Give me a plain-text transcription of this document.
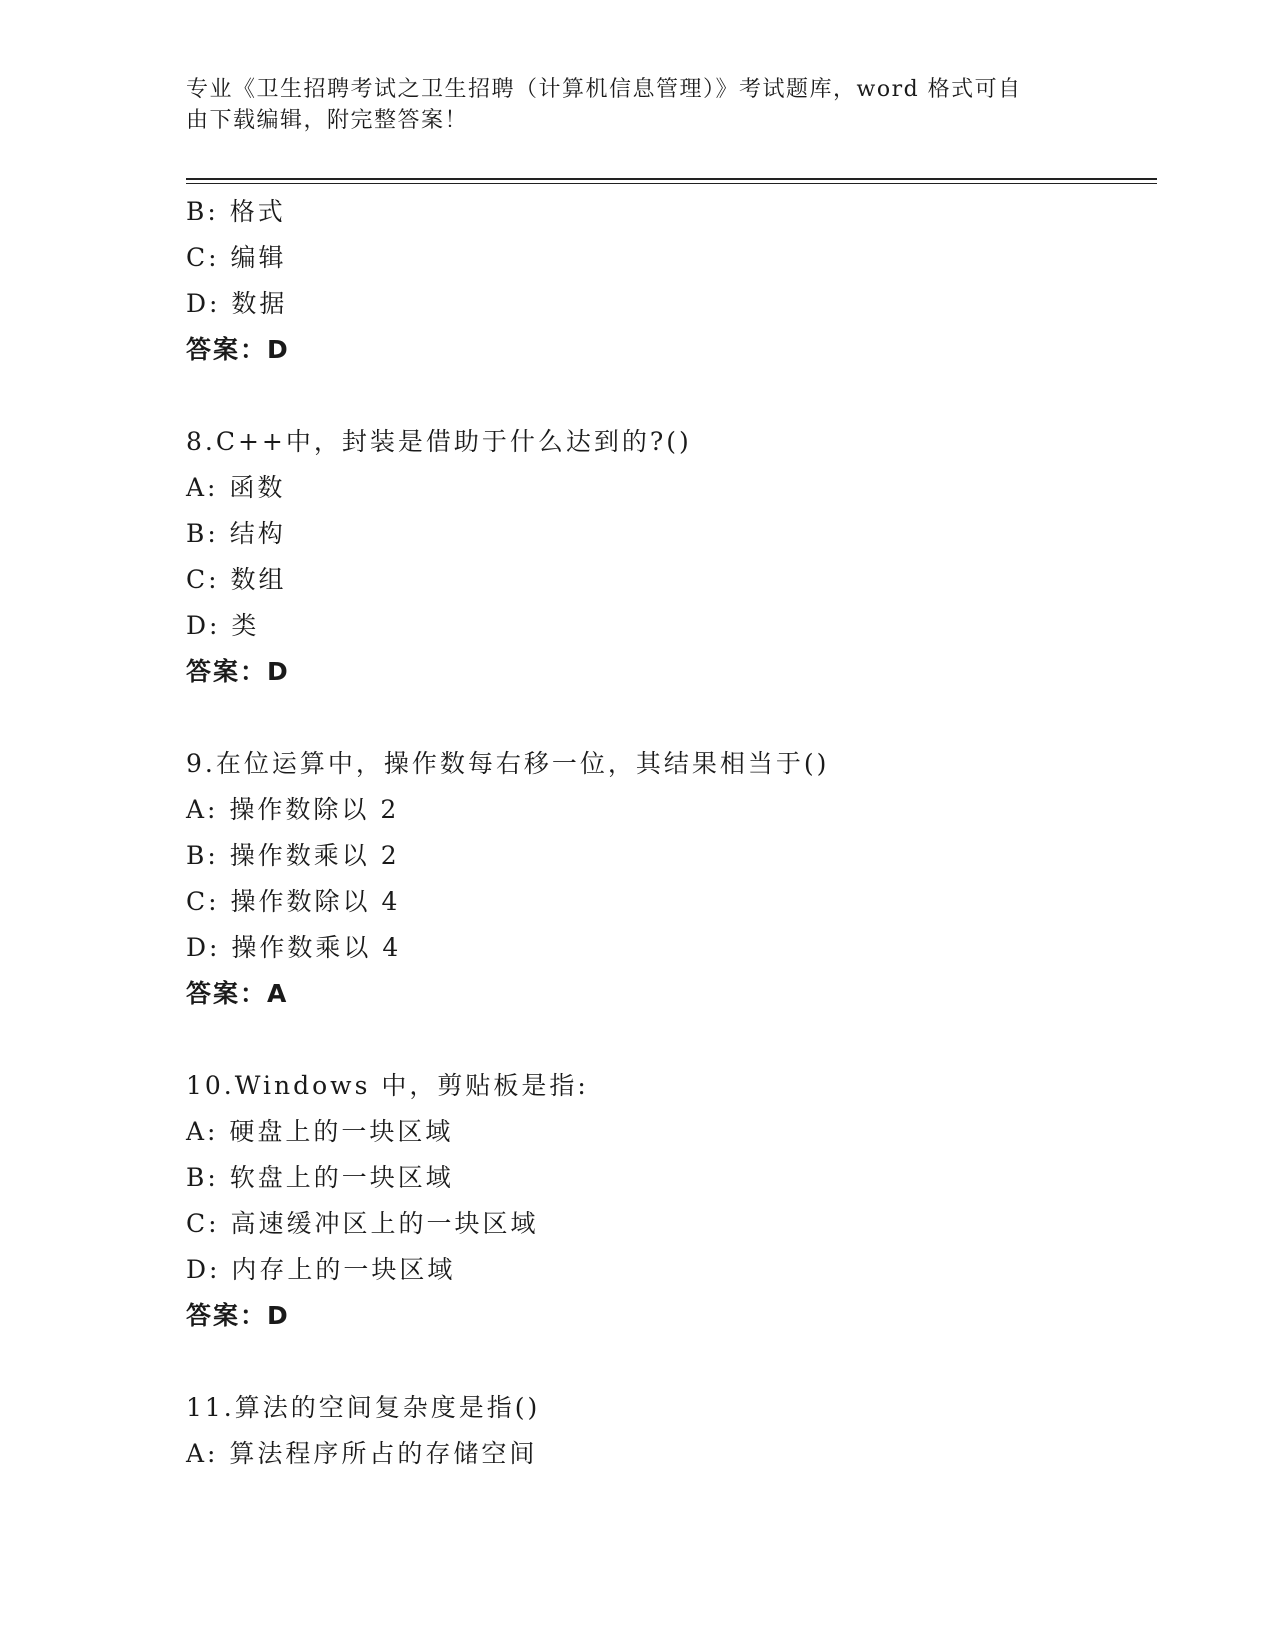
专业《卫生招聘考试之卫生招聘（计算机信息管理）》考试题库，word 格式可自
由下载编辑，附完整答案！
B: 格式
C: 编辑
D: 数据
答案：D
8.C++中，封装是借助于什么达到的?()
A: 函数
B: 结构
C: 数组
D: 类
答案：D
9.在位运算中，操作数每右移一位，其结果相当于()
A: 操作数除以 2
B: 操作数乘以 2
C: 操作数除以 4
D: 操作数乘以 4
答案：A
10.Windows 中，剪贴板是指:
A: 硬盘上的一块区域
B: 软盘上的一块区域
C: 高速缓冲区上的一块区域
D: 内存上的一块区域
答案：D
11.算法的空间复杂度是指()
A: 算法程序所占的存储空间
